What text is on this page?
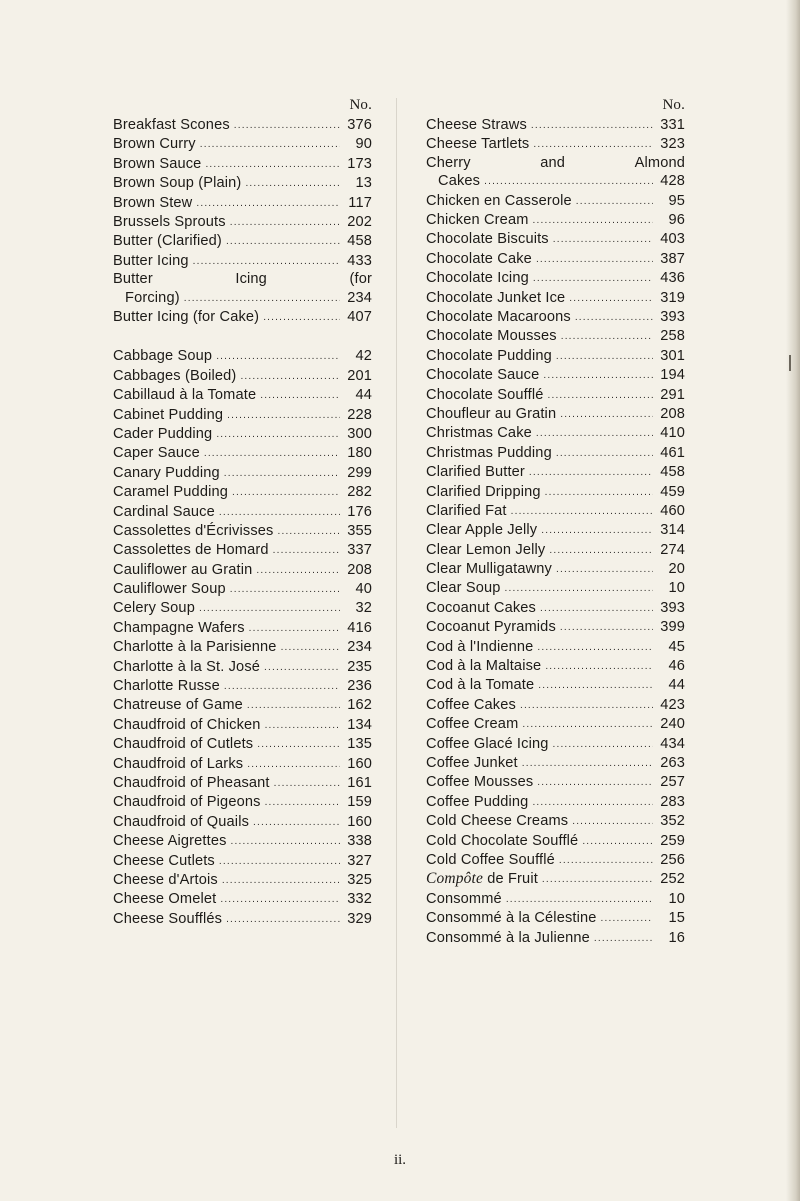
No.
Breakfast Scones .....	376
Brown Curry .....	90
Brown Sauce .....	173
Brown Soup (Plain) .....	13
Brown Stew .....	117
Brussels Sprouts .....	202
Butter (Clarified) .....	458
Butter Icing .....	433
Butter	Icing	(for
Forcing) .....	234
Butter Icing (for Cake) .....	407
Cabbage Soup .....	42
Cabbages (Boiled) .....	201
Cabillaud à la Tomate .....	44
Cabinet Pudding .....	228
Cader Pudding .....	300
Caper Sauce .....	180
Canary Pudding .....	299
Caramel Pudding .....	282
Cardinal Sauce .....	176
Cassolettes d'Écrivisses .....	355
Cassolettes de Homard .....	337
Cauliflower au Gratin .....	208
Cauliflower Soup .....	40
Celery Soup .....	32
Champagne Wafers .....	416
Charlotte à la Parisienne .....	234
Charlotte à la St. José .....	235
Charlotte Russe .....	236
Chatreuse of Game .....	162
Chaudfroid of Chicken .....	134
Chaudfroid of Cutlets .....	135
Chaudfroid of Larks .....	160
Chaudfroid of Pheasant .....	161
Chaudfroid of Pigeons .....	159
Chaudfroid of Quails .....	160
Cheese Aigrettes .....	338
Cheese Cutlets .....	327
Cheese d'Artois .....	325
Cheese Omelet .....	332
Cheese Soufflés .....	329
No.
Cheese Straws .....	331
Cheese Tartlets .....	323
Cherry	and	Almond
Cakes .....	428
Chicken en Casserole .....	95
Chicken Cream .....	96
Chocolate Biscuits .....	403
Chocolate Cake .....	387
Chocolate Icing .....	436
Chocolate Junket Ice .....	319
Chocolate Macaroons .....	393
Chocolate Mousses .....	258
Chocolate Pudding .....	301
Chocolate Sauce .....	194
Chocolate Soufflé .....	291
Choufleur au Gratin .....	208
Christmas Cake .....	410
Christmas Pudding .....	461
Clarified Butter .....	458
Clarified Dripping .....	459
Clarified Fat .....	460
Clear Apple Jelly .....	314
Clear Lemon Jelly .....	274
Clear Mulligatawny .....	20
Clear Soup .....	10
Cocoanut Cakes .....	393
Cocoanut Pyramids .....	399
Cod à l'Indienne .....	45
Cod à la Maltaise .....	46
Cod à la Tomate .....	44
Coffee Cakes .....	423
Coffee Cream .....	240
Coffee Glacé Icing .....	434
Coffee Junket .....	263
Coffee Mousses .....	257
Coffee Pudding .....	283
Cold Cheese Creams .....	352
Cold Chocolate Soufflé .....	259
Cold Coffee Soufflé .....	256
Compôte de Fruit .....	252
Consommé .....	10
Consommé à la Célestine .....	15
Consommé à la Julienne .....	16
ii.
